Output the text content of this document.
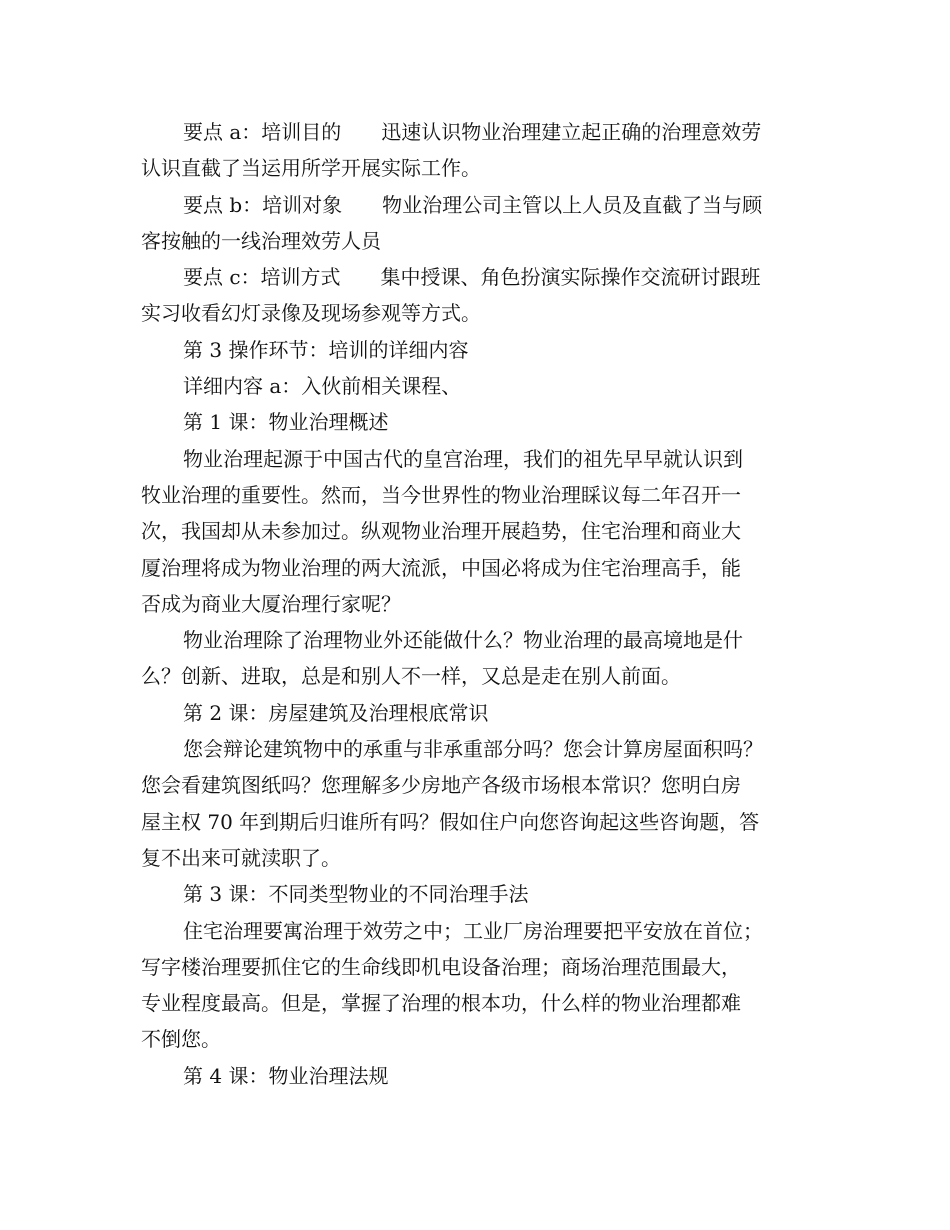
要点 a：培训目的　　迅速认识物业治理建立起正确的治理意效劳
认识直截了当运用所学开展实际工作。
要点 b：培训对象　　物业治理公司主管以上人员及直截了当与顾
客按触的一线治理效劳人员
要点 c：培训方式　　集中授课、角色扮演实际操作交流研讨跟班
实习收看幻灯录像及现场参观等方式。
第 3 操作环节：培训的详细内容
详细内容 a：入伙前相关课程、
第 1 课：物业治理概述
物业治理起源于中国古代的皇宫治理，我们的祖先早早就认识到
牧业治理的重要性。然而，当今世界性的物业治理睬议每二年召开一
次，我国却从未参加过。纵观物业治理开展趋势，住宅治理和商业大
厦治理将成为物业治理的两大流派，中国必将成为住宅治理高手，能
否成为商业大厦治理行家呢？
物业治理除了治理物业外还能做什么？物业治理的最高境地是什
么？创新、进取，总是和别人不一样，又总是走在别人前面。
第 2 课：房屋建筑及治理根底常识
您会辩论建筑物中的承重与非承重部分吗？您会计算房屋面积吗？
您会看建筑图纸吗？您理解多少房地产各级市场根本常识？您明白房
屋主权 70 年到期后归谁所有吗？假如住户向您咨询起这些咨询题，答
复不出来可就渎职了。
第 3 课：不同类型物业的不同治理手法
住宅治理要寓治理于效劳之中；工业厂房治理要把平安放在首位；
写字楼治理要抓住它的生命线即机电设备治理；商场治理范围最大，
专业程度最高。但是，掌握了治理的根本功，什么样的物业治理都难
不倒您。
第 4 课：物业治理法规
